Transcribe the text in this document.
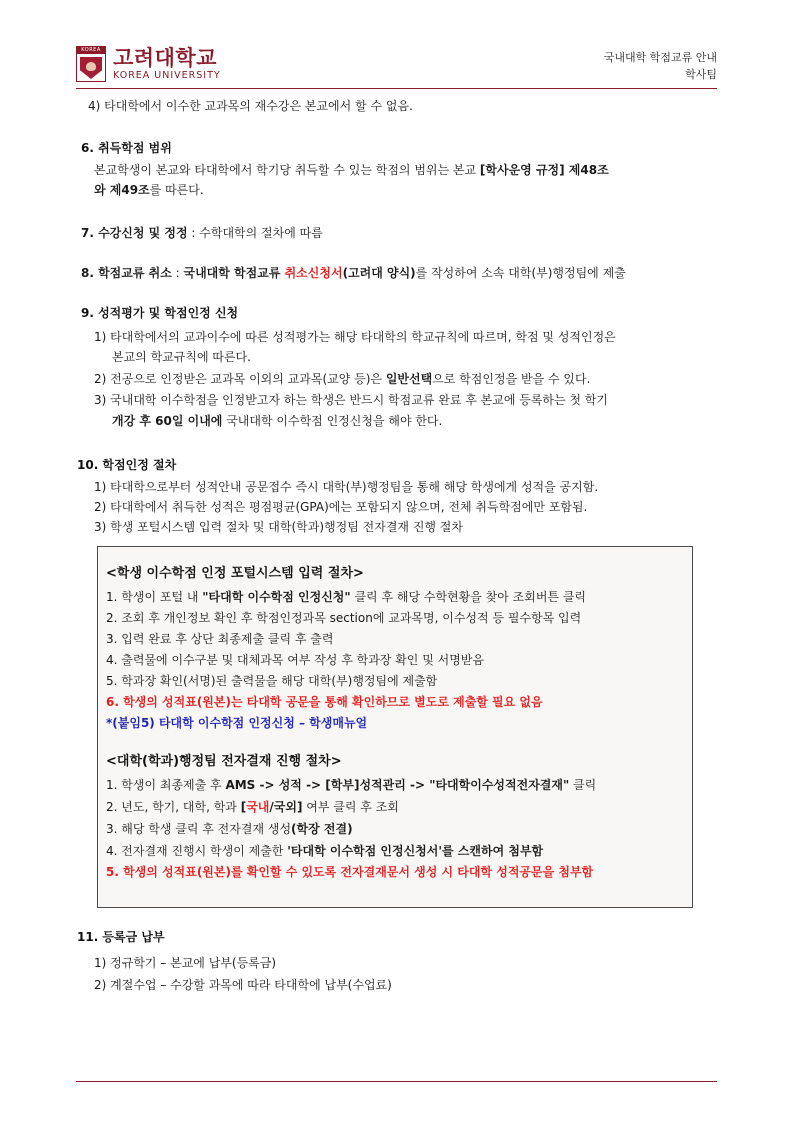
KOREA 고려대학교
KOREA UNIVERSITY
국내대학 학점교류 안내
학사팀
4) 타대학에서 이수한 교과목의 재수강은 본교에서 할 수 없음.
6. 취득학점 범위
본교학생이 본교와 타대학에서 학기당 취득할 수 있는 학점의 범위는 본교 [학사운영 규정] 제48조
와 제49조를 따른다.
7. 수강신청 및 정정 : 수학대학의 절차에 따름
8. 학점교류 취소 : 국내대학 학점교류 취소신청서(고려대 양식)를 작성하여 소속 대학(부)행정팀에 제출
9. 성적평가 및 학점인정 신청
1) 타대학에서의 교과이수에 따른 성적평가는 해당 타대학의 학교규칙에 따르며, 학점 및 성적인정은
본교의 학교규칙에 따른다.
2) 전공으로 인정받은 교과목 이외의 교과목(교양 등)은 일반선택으로 학점인정을 받을 수 있다.
3) 국내대학 이수학점을 인정받고자 하는 학생은 반드시 학점교류 완료 후 본교에 등록하는 첫 학기
개강 후 60일 이내에 국내대학 이수학점 인정신청을 해야 한다.
10. 학점인정 절차
1) 타대학으로부터 성적안내 공문접수 즉시 대학(부)행정팀을 통해 해당 학생에게 성적을 공지함.
2) 타대학에서 취득한 성적은 평점평균(GPA)에는 포함되지 않으며, 전체 취득학점에만 포함됨.
3) 학생 포털시스템 입력 절차 및 대학(학과)행정팀 전자결재 진행 절차
<학생 이수학점 인정 포털시스템 입력 절차>
1. 학생이 포털 내 "타대학 이수학점 인정신청" 클릭 후 해당 수학현황을 찾아 조회버튼 클릭
2. 조회 후 개인정보 확인 후 학점인정과목 section에 교과목명, 이수성적 등 필수항목 입력
3. 입력 완료 후 상단 최종제출 클릭 후 출력
4. 출력물에 이수구분 및 대체과목 여부 작성 후 학과장 확인 및 서명받음
5. 학과장 확인(서명)된 출력물을 해당 대학(부)행정팀에 제출함
6. 학생의 성적표(원본)는 타대학 공문을 통해 확인하므로 별도로 제출할 필요 없음
*(붙임5) 타대학 이수학점 인정신청 – 학생매뉴얼
<대학(학과)행정팀 전자결재 진행 절차>
1. 학생이 최종제출 후 AMS -> 성적 -> [학부]성적관리 -> "타대학이수성적전자결재" 클릭
2. 년도, 학기, 대학, 학과 [국내/국외] 여부 클릭 후 조회
3. 해당 학생 클릭 후 전자결재 생성(학장 전결)
4. 전자결재 진행시 학생이 제출한 '타대학 이수학점 인정신청서'를 스캔하여 첨부함
5. 학생의 성적표(원본)를 확인할 수 있도록 전자결재문서 생성 시 타대학 성적공문을 첨부함
11. 등록금 납부
1) 정규학기 – 본교에 납부(등록금)
2) 계절수업 – 수강할 과목에 따라 타대학에 납부(수업료)
